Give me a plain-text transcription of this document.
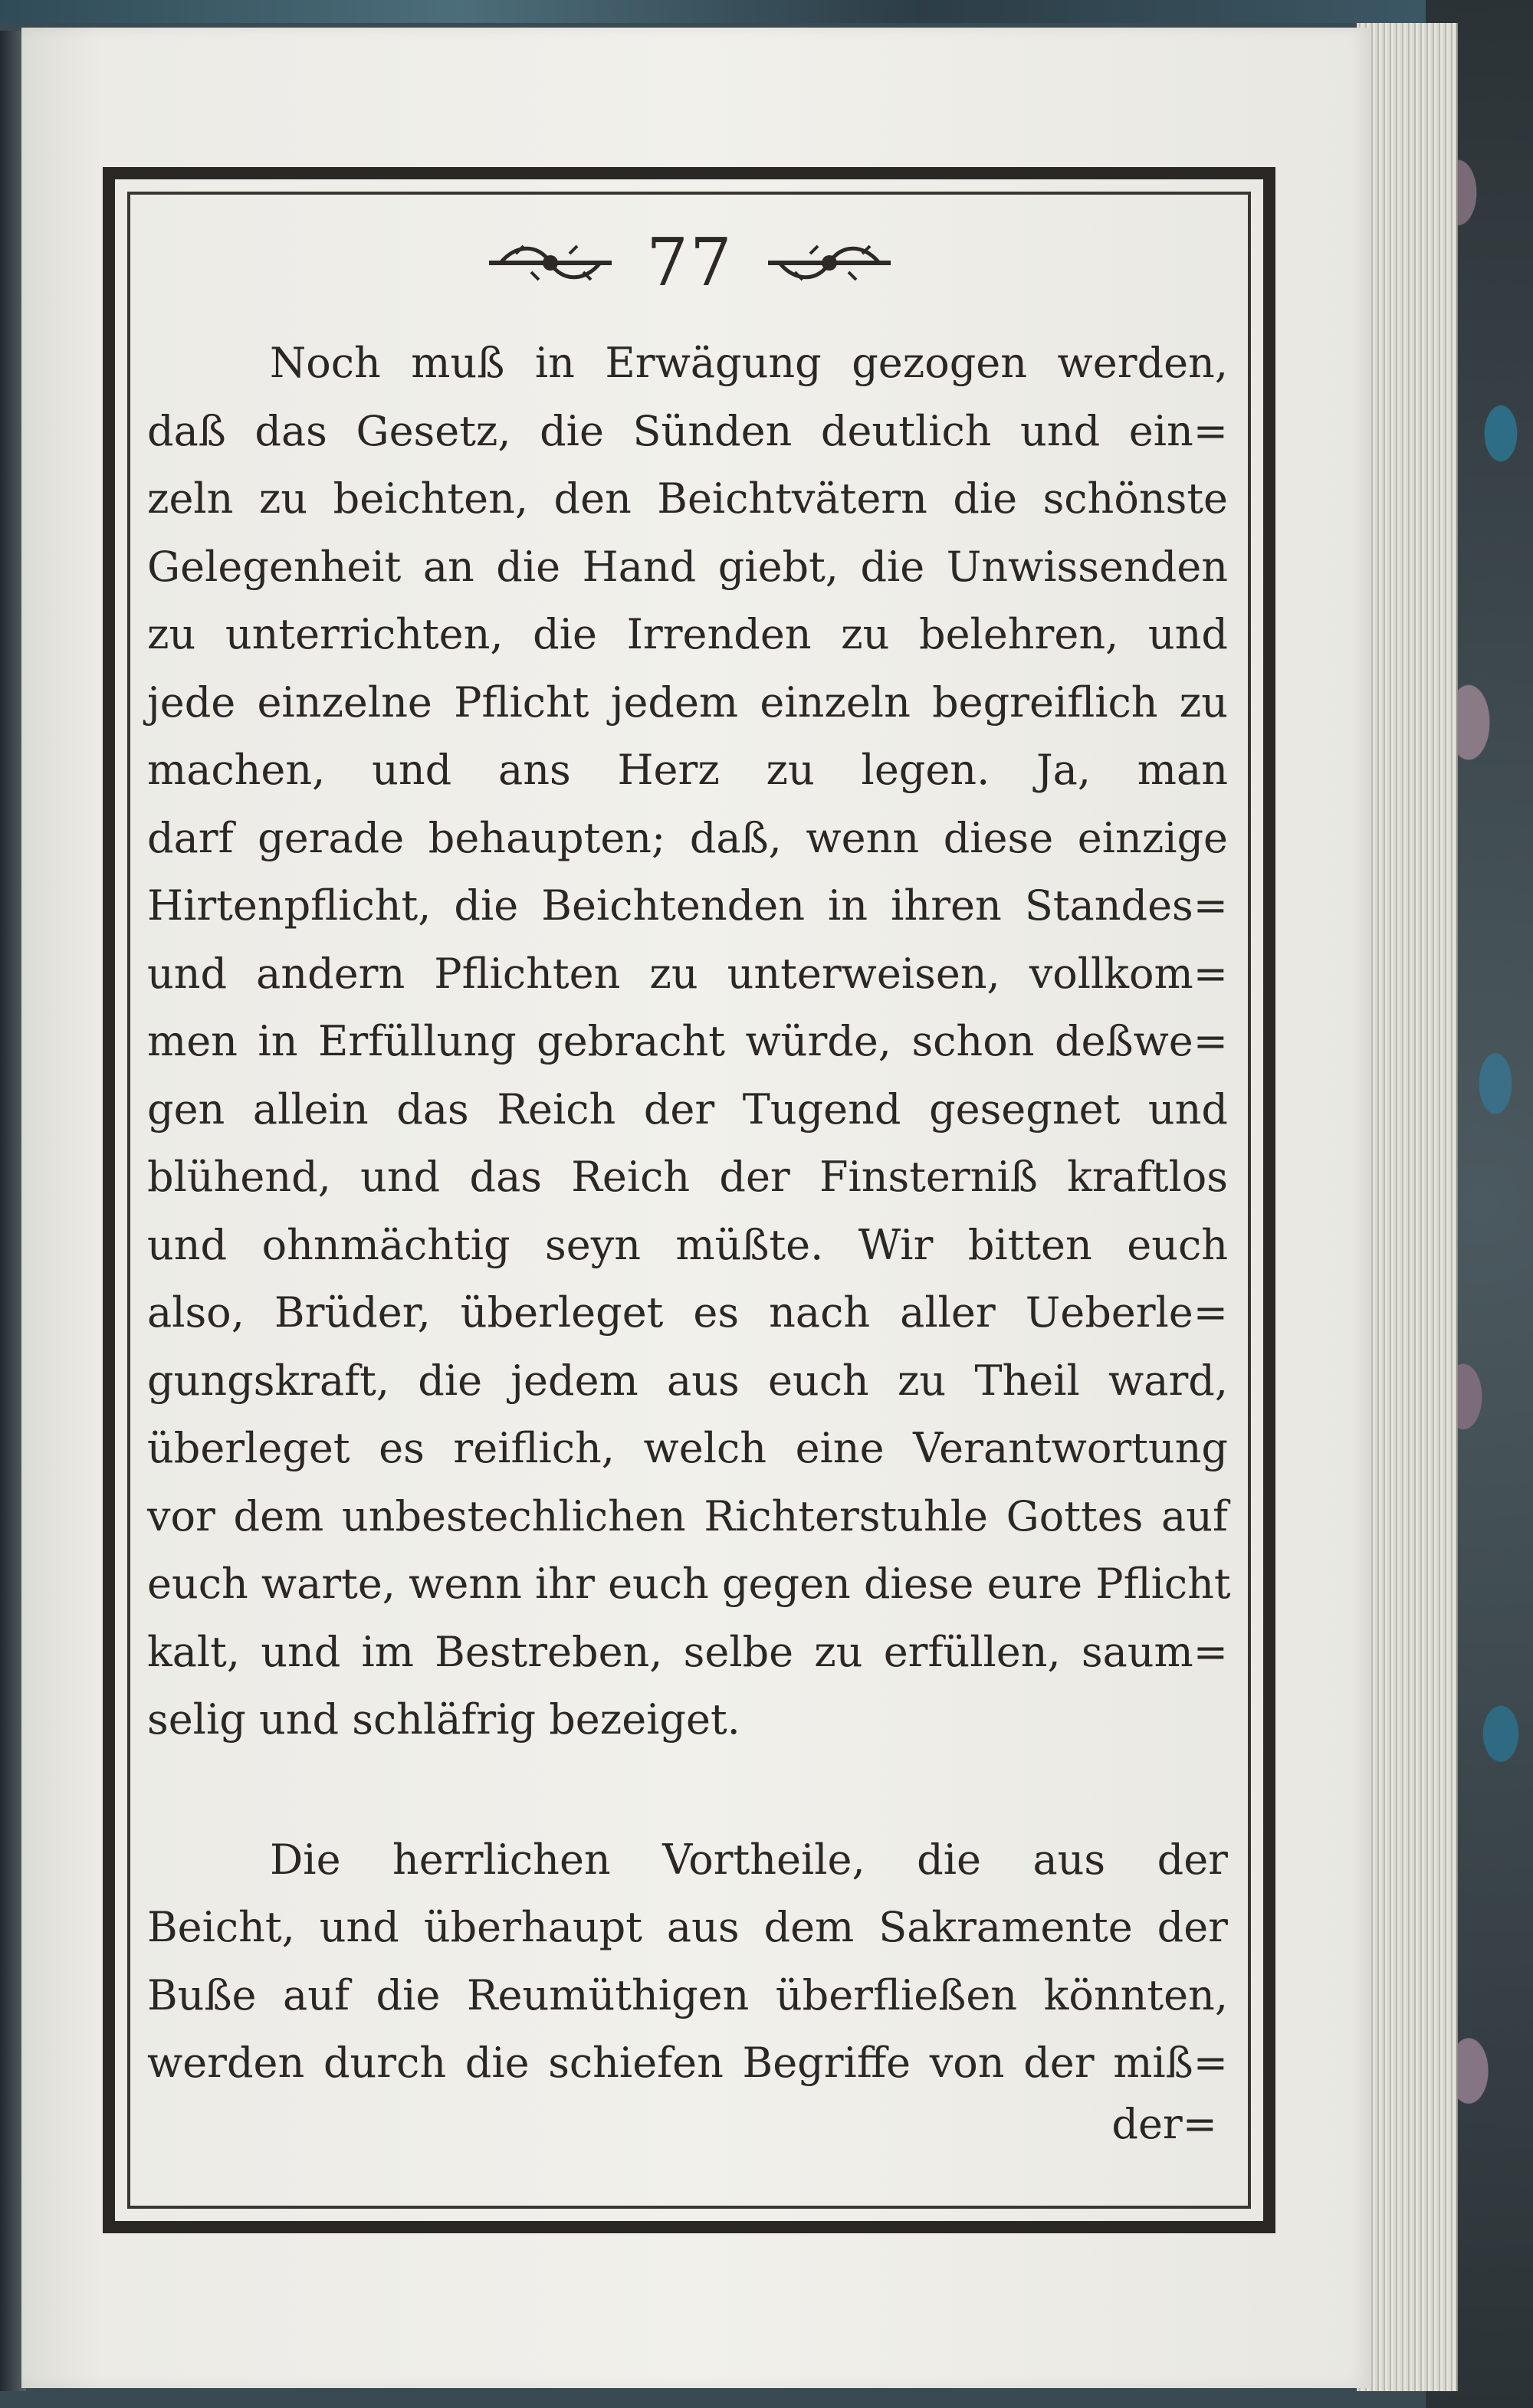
77
Noch muß in Erwägung gezogen werden,
daß das Gesetz, die Sünden deutlich und ein=
zeln zu beichten, den Beichtvätern die schönste
Gelegenheit an die Hand giebt, die Unwissenden
zu unterrichten, die Irrenden zu belehren, und
jede einzelne Pflicht jedem einzeln begreiflich zu
machen, und ans Herz zu legen. Ja, man
darf gerade behaupten; daß, wenn diese einzige
Hirtenpflicht, die Beichtenden in ihren Standes=
und andern Pflichten zu unterweisen, vollkom=
men in Erfüllung gebracht würde, schon deßwe=
gen allein das Reich der Tugend gesegnet und
blühend, und das Reich der Finsterniß kraftlos
und ohnmächtig seyn müßte. Wir bitten euch
also, Brüder, überleget es nach aller Ueberle=
gungskraft, die jedem aus euch zu Theil ward,
überleget es reiflich, welch eine Verantwortung
vor dem unbestechlichen Richterstuhle Gottes auf
euch warte, wenn ihr euch gegen diese eure Pflicht
kalt, und im Bestreben, selbe zu erfüllen, saum=
selig und schläfrig bezeiget.
Die herrlichen Vortheile, die aus der
Beicht, und überhaupt aus dem Sakramente der
Buße auf die Reumüthigen überfließen könnten,
werden durch die schiefen Begriffe von der miß=
der=
